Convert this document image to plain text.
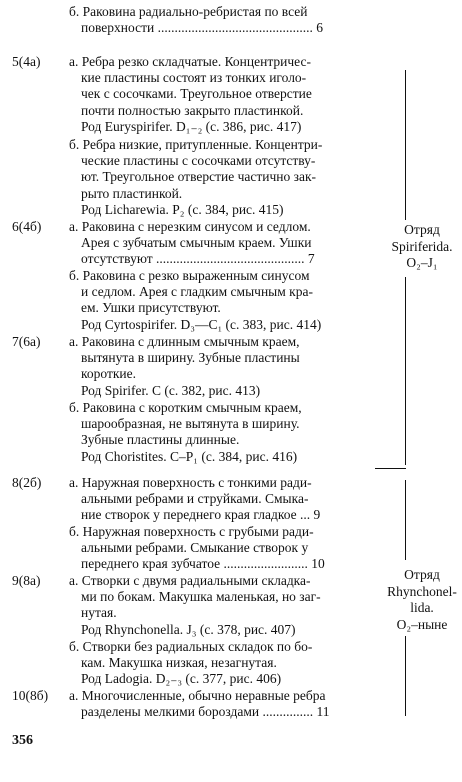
б. Раковина радиально-ребристая по всей
поверхности .............................................. 6
5(4а) а. Ребра резко складчатые. Концентричес-
кие пластины состоят из тонких иголо-
чек с сосочками. Треугольное отверстие
почти полностью закрыто пластинкой.
Род Euryspirifer. D₁₋₂ (с. 386, рис. 417)
б. Ребра низкие, притупленные. Концентри-
ческие пластины с сосочками отсутству-
ют. Треугольное отверстие частично зак-
рыто пластинкой.
Род Licharewia. P₂ (с. 384, рис. 415)
6(4б) а. Раковина с нерезким синусом и седлом.
Арея с зубчатым смычным краем. Ушки
отсутствуют ............................................ 7
б. Раковина с резко выраженным синусом
и седлом. Арея с гладким смычным кра-
ем. Ушки присутствуют.
Род Cyrtospirifer. D₃—C₁ (с. 383, рис. 414)
7(6а) а. Раковина с длинным смычным краем,
вытянута в ширину. Зубные пластины
короткие.
Род Spirifer. C (с. 382, рис. 413)
б. Раковина с коротким смычным краем,
шарообразная, не вытянута в ширину.
Зубные пластины длинные.
Род Choristites. C–P₁ (с. 384, рис. 416)
8(2б) а. Наружная поверхность с тонкими ради-
альными ребрами и струйками. Смыка-
ние створок у переднего края гладкое ... 9
б. Наружная поверхность с грубыми ради-
альными ребрами. Смыкание створок у
переднего края зубчатое ......................... 10
9(8а) а. Створки с двумя радиальными складка-
ми по бокам. Макушка маленькая, но заг-
нутая.
Род Rhynchonella. J₃ (с. 378, рис. 407)
б. Створки без радиальных складок по бо-
кам. Макушка низкая, незагнутая.
Род Ladogia. D₂₋₃ (с. 377, рис. 406)
10(8б) а. Многочисленные, обычно неравные ребра
разделены мелкими бороздами ............... 11
Отряд
Spiriferida.
O₂–J₁
Отряд
Rhynchonel-
lida.
O₂–ныне
356
